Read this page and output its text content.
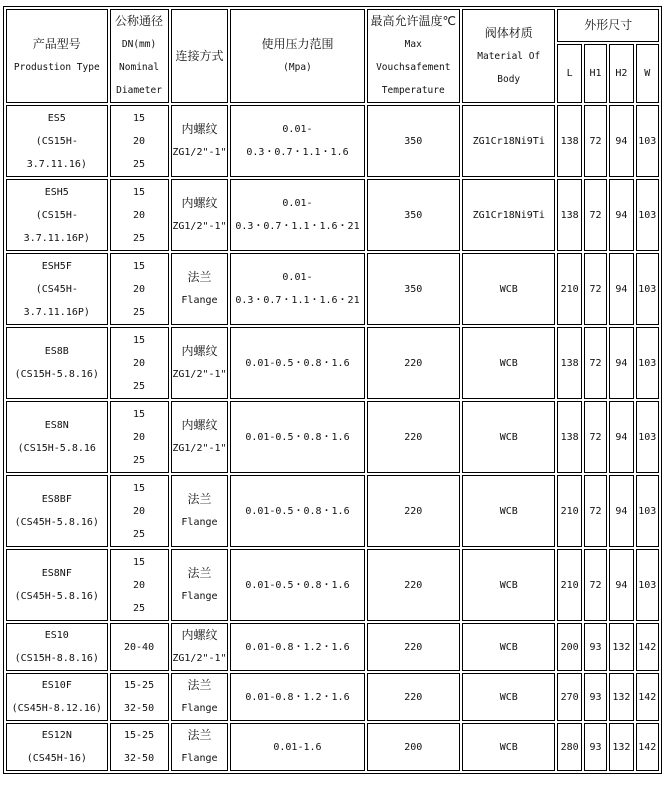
产品型号
Produstion Type	公称通径
DN(mm)
Nominal
Diameter	连接方式	使用压力范围
(Mpa)	最高允许温度℃
Max
Vouchsafement
Temperature	阀体材质
Material Of
Body	外形尺寸			
						L	H1	H2	W

ES5
(CS15H-
3.7.11.16)	15
20
25	内螺纹
ZG1/2"-1"	0.01-
0.3・0.7・1.1・1.6	350	ZG1Cr18Ni9Ti	138	72	94	103

ESH5
(CS15H-
3.7.11.16P)	15
20
25	内螺纹
ZG1/2"-1"	0.01-
0.3・0.7・1.1・1.6・21	350	ZG1Cr18Ni9Ti	138	72	94	103

ESH5F
(CS45H-
3.7.11.16P)	15
20
25	法兰
Flange	0.01-
0.3・0.7・1.1・1.6・21	350	WCB	210	72	94	103

ES8B
(CS15H-5.8.16)	15
20
25	内螺纹
ZG1/2"-1"	0.01-0.5・0.8・1.6	220	WCB	138	72	94	103

ES8N
(CS15H-5.8.16	15
20
25	内螺纹
ZG1/2"-1"	0.01-0.5・0.8・1.6	220	WCB	138	72	94	103

ES8BF
(CS45H-5.8.16)	15
20
25	法兰
Flange	0.01-0.5・0.8・1.6	220	WCB	210	72	94	103

ES8NF
(CS45H-5.8.16)	15
20
25	法兰
Flange	0.01-0.5・0.8・1.6	220	WCB	210	72	94	103

ES10
(CS15H-8.8.16)	20-40	内螺纹
ZG1/2"-1"	0.01-0.8・1.2・1.6	220	WCB	200	93	132	142

ES10F
(CS45H-8.12.16)	15-25
32-50	法兰
Flange	0.01-0.8・1.2・1.6	220	WCB	270	93	132	142

ES12N
(CS45H-16)	15-25
32-50	法兰
Flange	0.01-1.6	200	WCB	280	93	132	142
